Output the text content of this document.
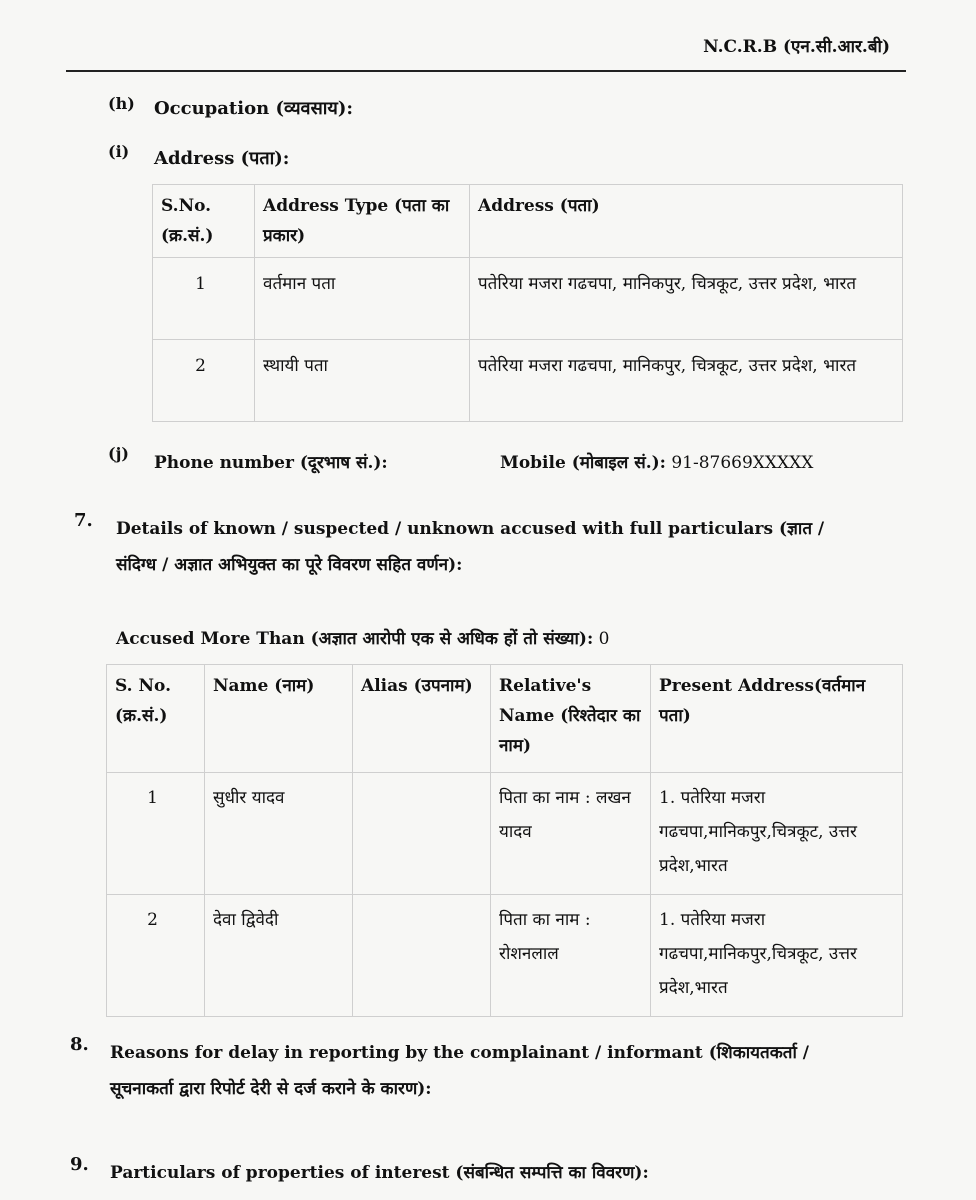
N.C.R.B (एन.सी.आर.बी)
(h) Occupation (व्यवसाय):
(i) Address (पता):
S.No. (क्र.सं.)	Address Type (पता का प्रकार)	Address (पता)
1	वर्तमान पता	पतेरिया मजरा गढचपा, मानिकपुर, चित्रकूट, उत्तर प्रदेश, भारत
2	स्थायी पता	पतेरिया मजरा गढचपा, मानिकपुर, चित्रकूट, उत्तर प्रदेश, भारत
(j) Phone number (दूरभाष सं.):	Mobile (मोबाइल सं.): 91-87669XXXXX
7. Details of known / suspected / unknown accused with full particulars (ज्ञात /
संदिग्ध / अज्ञात अभियुक्त का पूरे विवरण सहित वर्णन):
Accused More Than (अज्ञात आरोपी एक से अधिक हों तो संख्या): 0
S. No. (क्र.सं.)	Name (नाम)	Alias (उपनाम)	Relative's Name (रिश्तेदार का नाम)	Present Address(वर्तमान पता)
1	सुधीर यादव		पिता का नाम : लखन यादव	1. पतेरिया मजरा गढचपा,मानिकपुर,चित्रकूट, उत्तर प्रदेश,भारत
2	देवा द्विवेदी		पिता का नाम : रोशनलाल	1. पतेरिया मजरा गढचपा,मानिकपुर,चित्रकूट, उत्तर प्रदेश,भारत
8. Reasons for delay in reporting by the complainant / informant (शिकायतकर्ता /
सूचनाकर्ता द्वारा रिपोर्ट देरी से दर्ज कराने के कारण):
9. Particulars of properties of interest (संबन्धित सम्पत्ति का विवरण):
